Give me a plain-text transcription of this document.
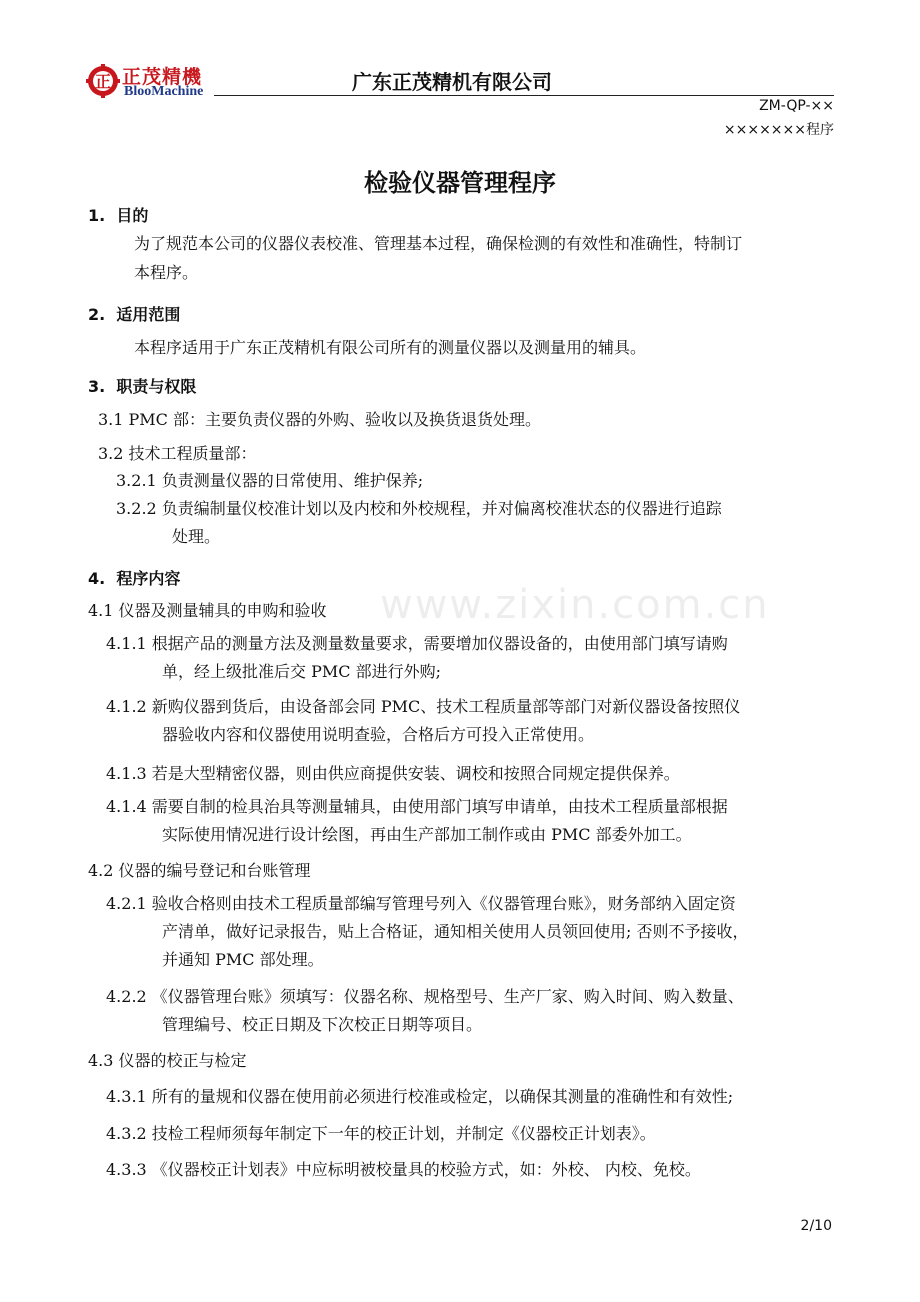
正 正茂精機
BlooMachine	广东正茂精机有限公司
ZM-QP-××
×××××××程序
检验仪器管理程序
1. 目的
为了规范本公司的仪器仪表校准、管理基本过程，确保检测的有效性和准确性，特制订
本程序。
2. 适用范围
本程序适用于广东正茂精机有限公司所有的测量仪器以及测量用的辅具。
3. 职责与权限
3.1 PMC 部：主要负责仪器的外购、验收以及换货退货处理。
3.2 技术工程质量部：
3.2.1 负责测量仪器的日常使用、维护保养;
3.2.2 负责编制量仪校准计划以及内校和外校规程，并对偏离校准状态的仪器进行追踪
处理。
4. 程序内容
4.1 仪器及测量辅具的申购和验收
4.1.1 根据产品的测量方法及测量数量要求，需要增加仪器设备的，由使用部门填写请购
单，经上级批准后交 PMC 部进行外购;
4.1.2 新购仪器到货后，由设备部会同 PMC、技术工程质量部等部门对新仪器设备按照仪
器验收内容和仪器使用说明查验，合格后方可投入正常使用。
4.1.3 若是大型精密仪器，则由供应商提供安装、调校和按照合同规定提供保养。
4.1.4 需要自制的检具治具等测量辅具，由使用部门填写申请单，由技术工程质量部根据
实际使用情况进行设计绘图，再由生产部加工制作或由 PMC 部委外加工。
4.2 仪器的编号登记和台账管理
4.2.1 验收合格则由技术工程质量部编写管理号列入《仪器管理台账》，财务部纳入固定资
产清单，做好记录报告，贴上合格证，通知相关使用人员领回使用; 否则不予接收，
并通知 PMC 部处理。
4.2.2 《仪器管理台账》须填写：仪器名称、规格型号、生产厂家、购入时间、购入数量、
管理编号、校正日期及下次校正日期等项目。
4.3 仪器的校正与检定
4.3.1 所有的量规和仪器在使用前必须进行校准或检定，以确保其测量的准确性和有效性;
4.3.2 技检工程师须每年制定下一年的校正计划，并制定《仪器校正计划表》。
4.3.3 《仪器校正计划表》中应标明被校量具的校验方式，如：外校、 内校、免校。
www.zixin.com.cn
2/10
